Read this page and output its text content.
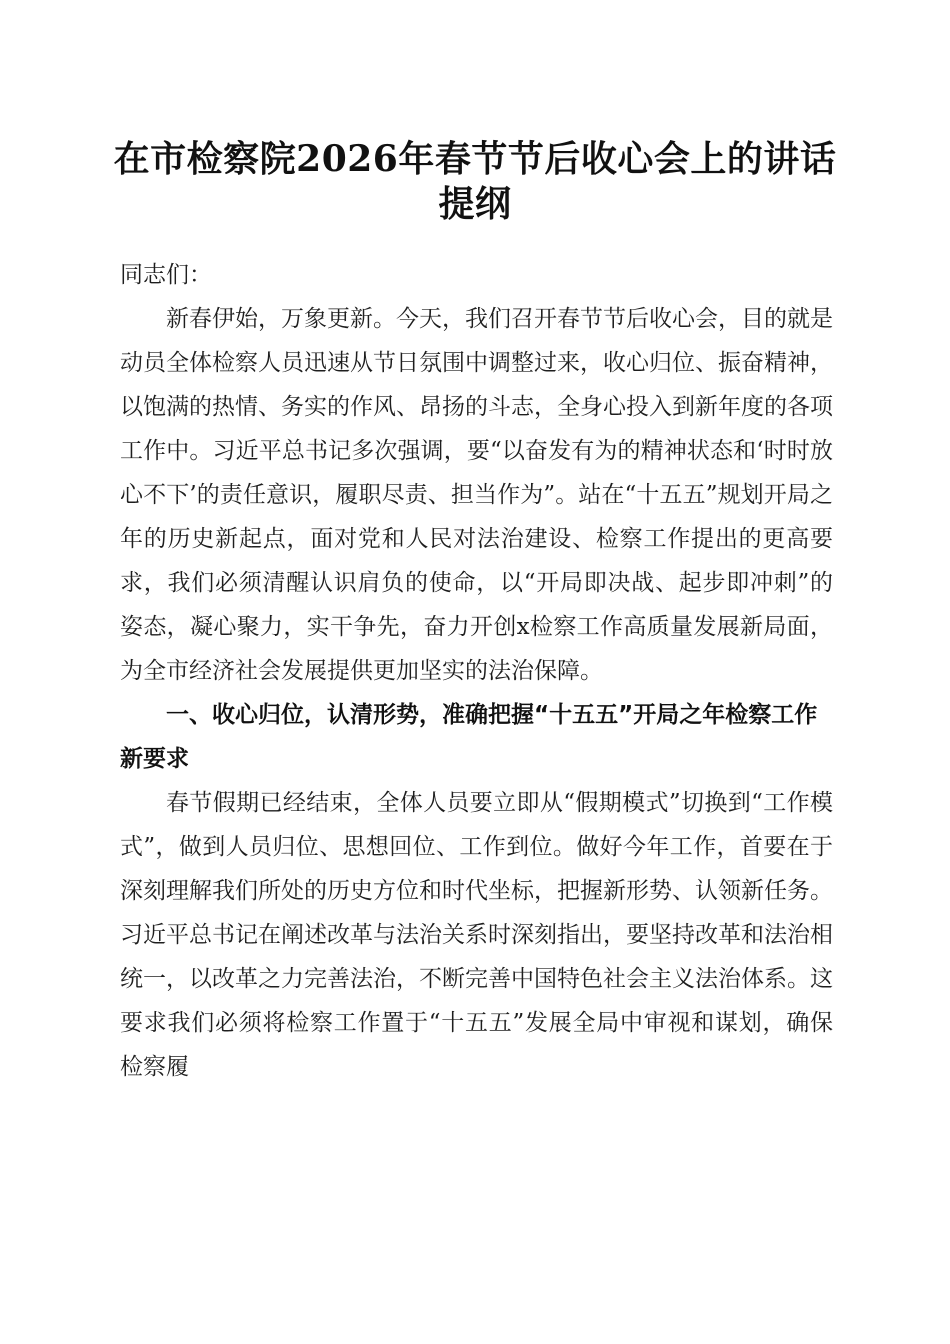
在市检察院2026年春节节后收心会上的讲话
提纲

同志们：

新春伊始，万象更新。今天，我们召开春节节后收心会，目的就是动员全体检察人员迅速从节日氛围中调整过来，收心归位、振奋精神，以饱满的热情、务实的作风、昂扬的斗志，全身心投入到新年度的各项工作中。习近平总书记多次强调，要“以奋发有为的精神状态和‘时时放心不下’的责任意识，履职尽责、担当作为”。站在“十五五”规划开局之年的历史新起点，面对党和人民对法治建设、检察工作提出的更高要求，我们必须清醒认识肩负的使命，以“开局即决战、起步即冲刺”的姿态，凝心聚力，实干争先，奋力开创x检察工作高质量发展新局面，为全市经济社会发展提供更加坚实的法治保障。

一、收心归位，认清形势，准确把握“十五五”开局之年检察工作新要求

春节假期已经结束，全体人员要立即从“假期模式”切换到“工作模式”，做到人员归位、思想回位、工作到位。做好今年工作，首要在于深刻理解我们所处的历史方位和时代坐标，把握新形势、认领新任务。习近平总书记在阐述改革与法治关系时深刻指出，要坚持改革和法治相统一，以改革之力完善法治，不断完善中国特色社会主义法治体系。这要求我们必须将检察工作置于“十五五”发展全局中审视和谋划，确保检察履
